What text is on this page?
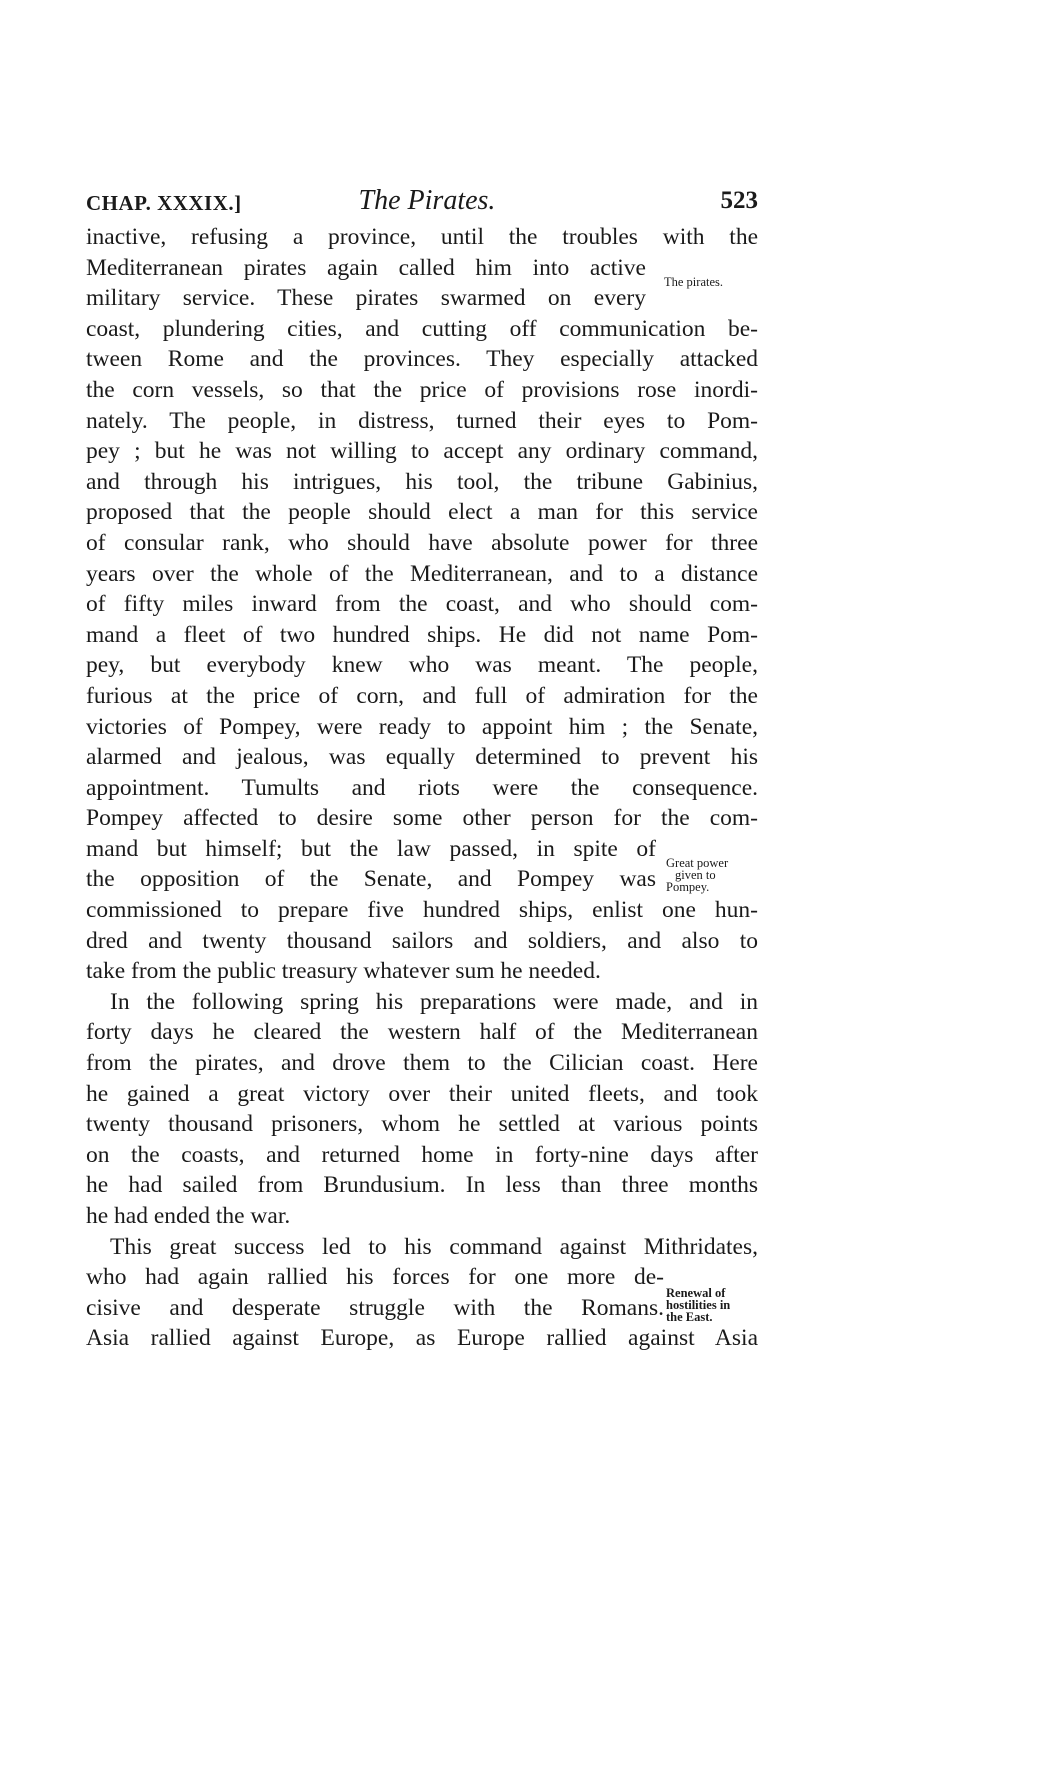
CHAP. XXXIX.]	The Pirates.	523
inactive, refusing a province, until the troubles with the
Mediterranean pirates again called him into active
military service. These pirates swarmed on every
coast, plundering cities, and cutting off communication be-
tween Rome and the provinces. They especially attacked
the corn vessels, so that the price of provisions rose inordi-
nately. The people, in distress, turned their eyes to Pom-
pey ; but he was not willing to accept any ordinary command,
and through his intrigues, his tool, the tribune Gabinius,
proposed that the people should elect a man for this service
of consular rank, who should have absolute power for three
years over the whole of the Mediterranean, and to a distance
of fifty miles inward from the coast, and who should com-
mand a fleet of two hundred ships. He did not name Pom-
pey, but everybody knew who was meant. The people,
furious at the price of corn, and full of admiration for the
victories of Pompey, were ready to appoint him ; the Senate,
alarmed and jealous, was equally determined to prevent his
appointment. Tumults and riots were the consequence.
Pompey affected to desire some other person for the com-
mand but himself; but the law passed, in spite of
the opposition of the Senate, and Pompey was
commissioned to prepare five hundred ships, enlist one hun-
dred and twenty thousand sailors and soldiers, and also to
take from the public treasury whatever sum he needed.
In the following spring his preparations were made, and in
forty days he cleared the western half of the Mediterranean
from the pirates, and drove them to the Cilician coast. Here
he gained a great victory over their united fleets, and took
twenty thousand prisoners, whom he settled at various points
on the coasts, and returned home in forty-nine days after
he had sailed from Brundusium. In less than three months
he had ended the war.
This great success led to his command against Mithridates,
who had again rallied his forces for one more de-
cisive and desperate struggle with the Romans.
Asia rallied against Europe, as Europe rallied against Asia
The pirates.
Great power
given to
Pompey.
Renewal of
hostilities in
the East.
